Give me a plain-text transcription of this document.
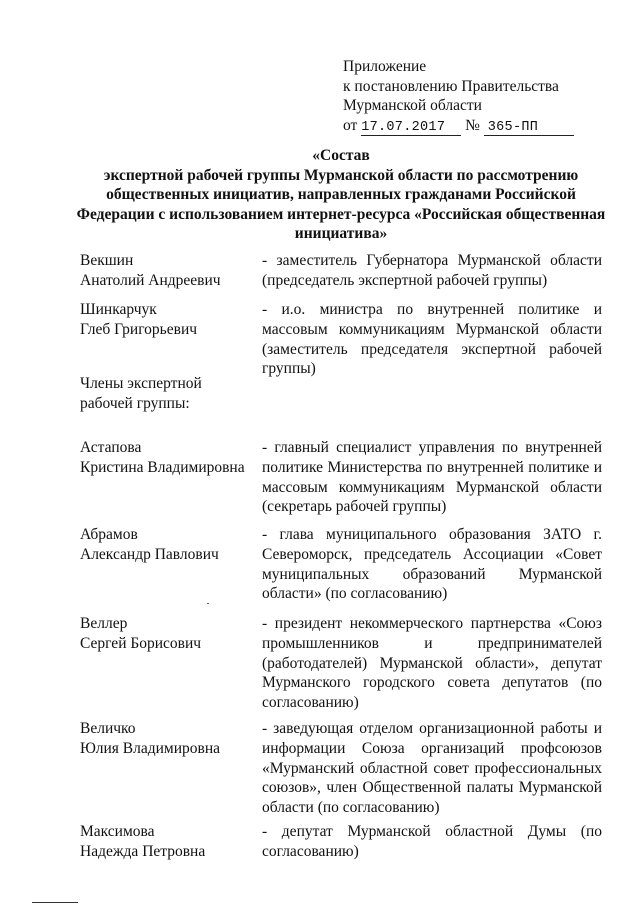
Приложение
к постановлению Правительства
Мурманской области
от 17.07.2017 № 365-ПП
«Состав
экспертной рабочей группы Мурманской области по рассмотрению общественных инициатив, направленных гражданами Российской Федерации с использованием интернет-ресурса «Российская общественная инициатива»
Векшин
Анатолий Андреевич
- заместитель Губернатора Мурманской области (председатель экспертной рабочей группы)
Шинкарчук
Глеб Григорьевич
- и.о. министра по внутренней политике и массовым коммуникациям Мурманской области (заместитель председателя экспертной рабочей группы)
Члены экспертной
рабочей группы:
Астапова
Кристина Владимировна
- главный специалист управления по внутренней политике Министерства по внутренней политике и массовым коммуникациям Мурманской области (секретарь рабочей группы)
Абрамов
Александр Павлович
- глава муниципального образования ЗАТО г. Североморск, председатель Ассоциации «Совет муниципальных образований Мурманской области» (по согласованию)
Веллер
Сергей Борисович
- президент некоммерческого партнерства «Союз промышленников и предпринимателей (работодателей) Мурманской области», депутат Мурманского городского совета депутатов (по согласованию)
Величко
Юлия Владимировна
- заведующая отделом организационной работы и информации Союза организаций профсоюзов «Мурманский областной совет профессиональных союзов», член Общественной палаты Мурманской области (по согласованию)
Максимова
Надежда Петровна
- депутат Мурманской областной Думы (по согласованию)
